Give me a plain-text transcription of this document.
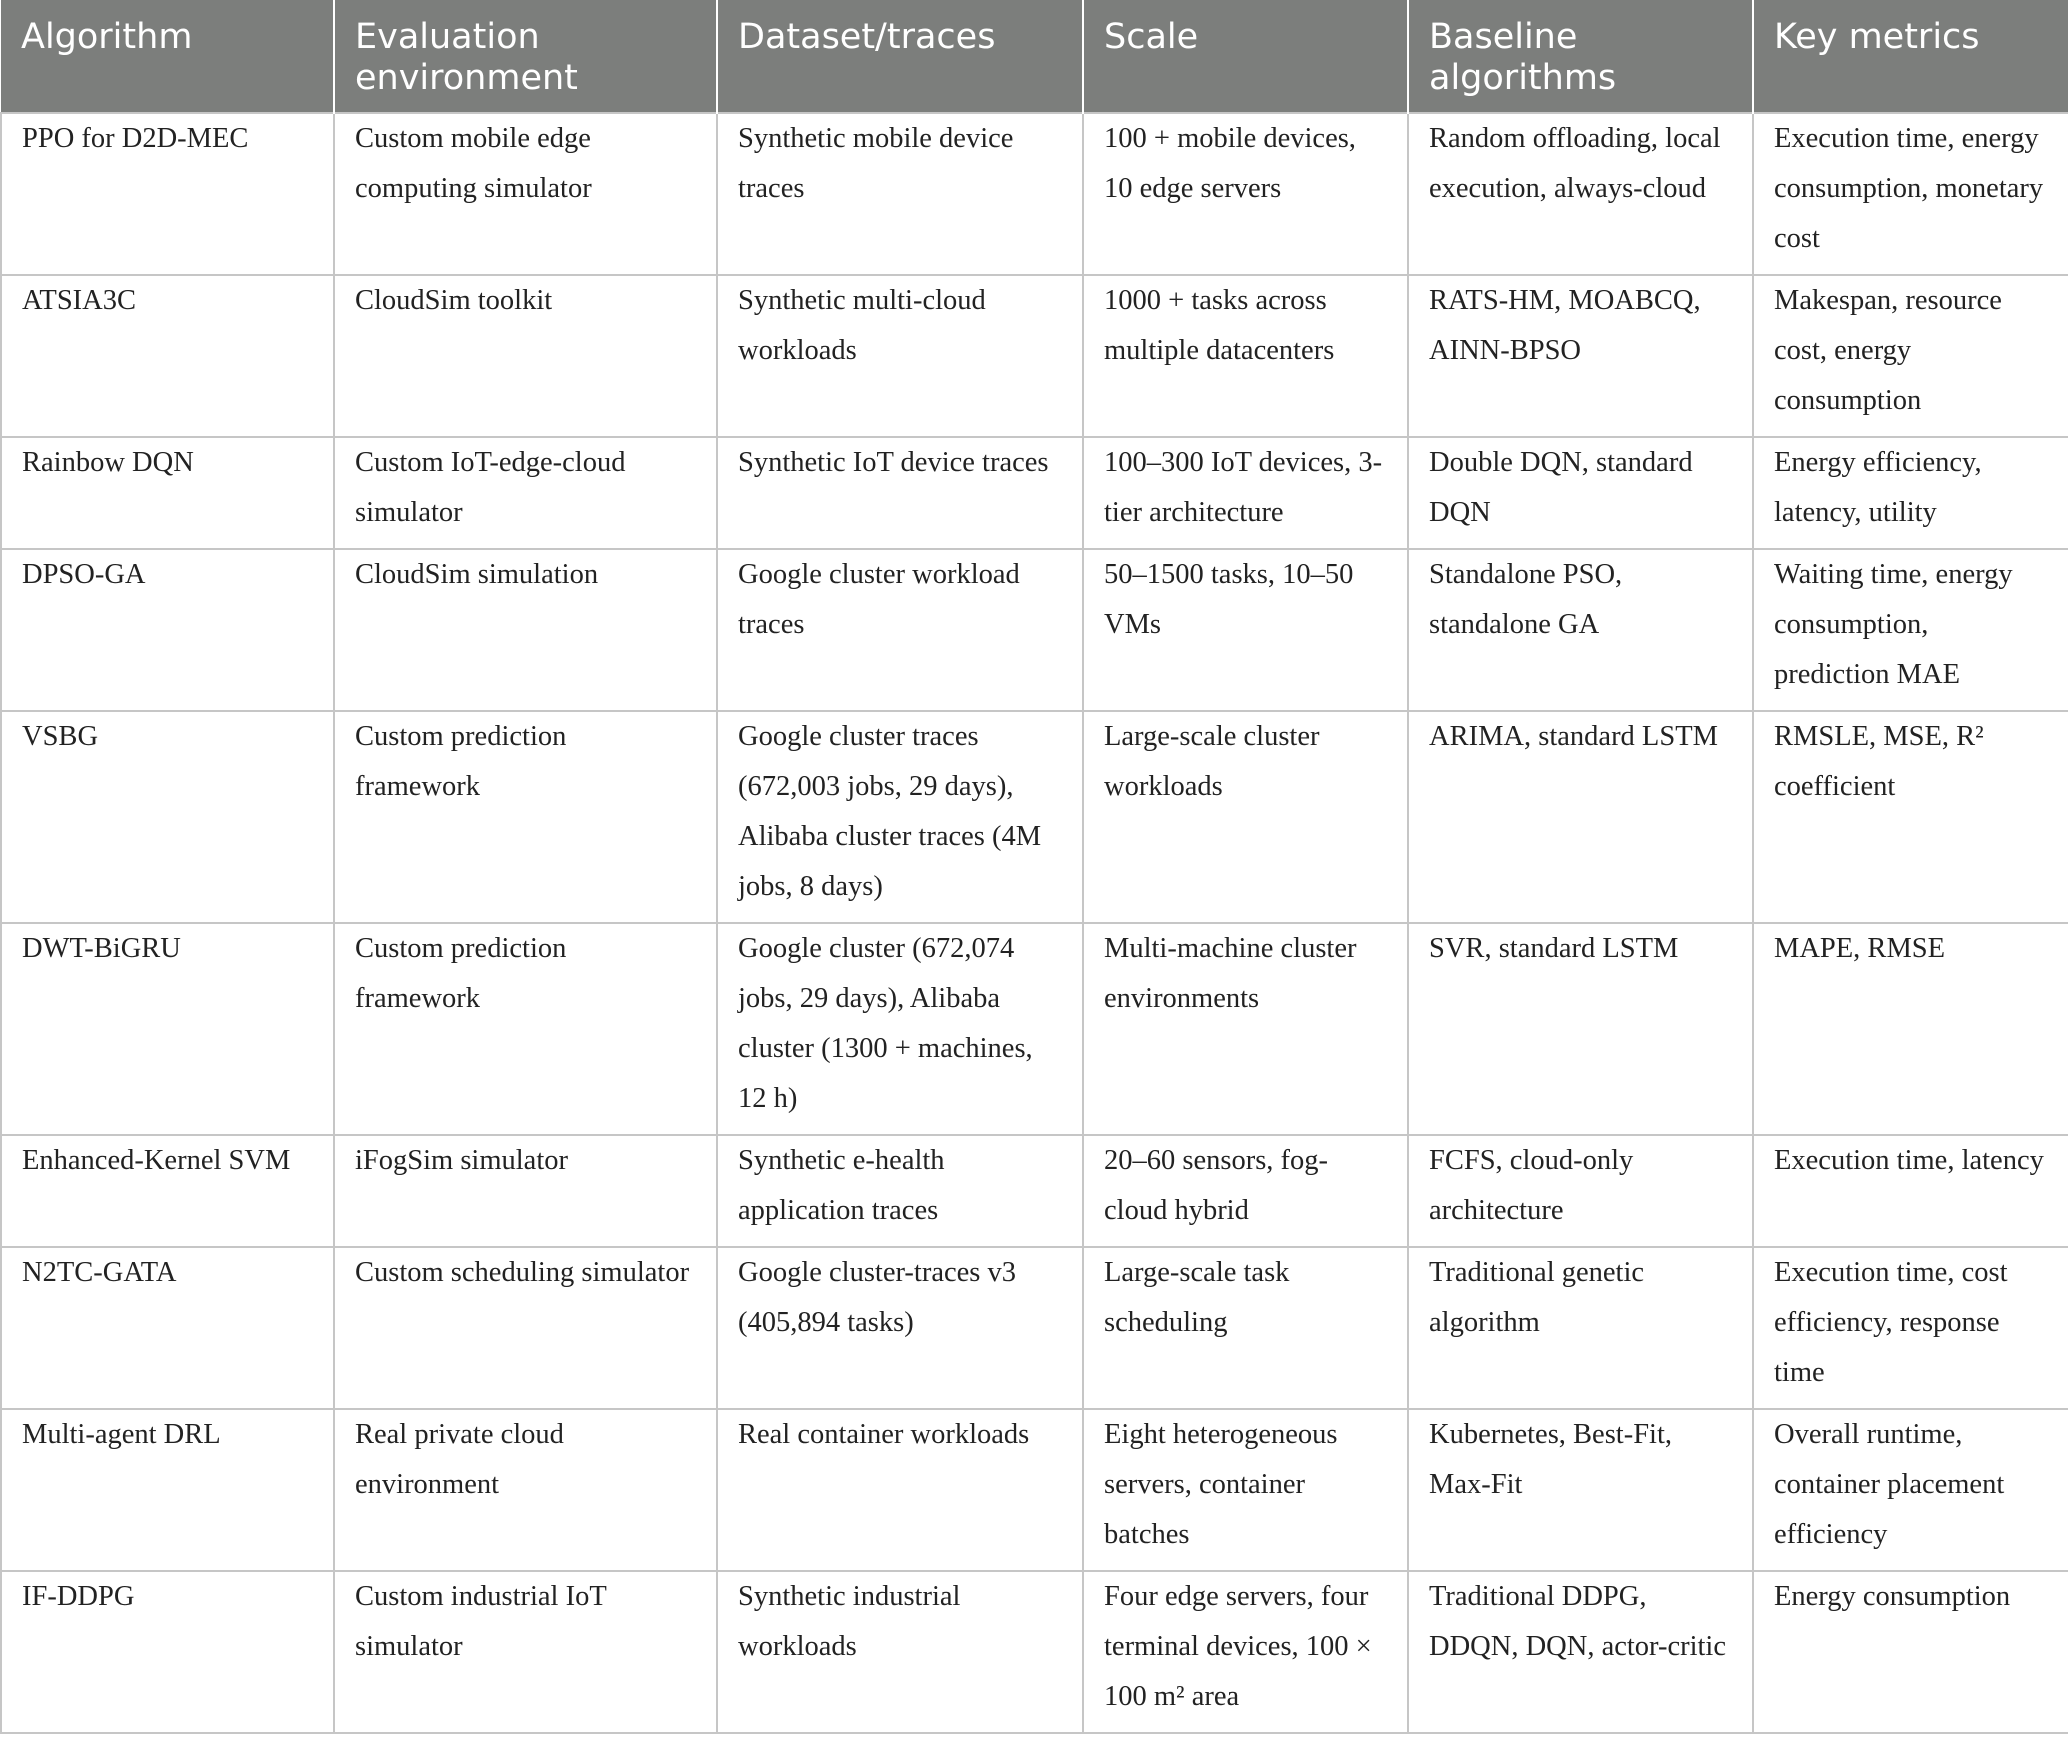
Algorithm	Evaluation environment	Dataset/traces	Scale	Baseline algorithms	Key metrics
PPO for D2D-MEC	Custom mobile edge computing simulator	Synthetic mobile device traces	100 + mobile devices, 10 edge servers	Random offloading, local execution, always-cloud	Execution time, energy consumption, monetary cost
ATSIA3C	CloudSim toolkit	Synthetic multi-cloud workloads	1000 + tasks across multiple datacenters	RATS-HM, MOABCQ, AINN-BPSO	Makespan, resource cost, energy consumption
Rainbow DQN	Custom IoT-edge-cloud simulator	Synthetic IoT device traces	100–300 IoT devices, 3-tier architecture	Double DQN, standard DQN	Energy efficiency, latency, utility
DPSO-GA	CloudSim simulation	Google cluster workload traces	50–1500 tasks, 10–50 VMs	Standalone PSO, standalone GA	Waiting time, energy consumption, prediction MAE
VSBG	Custom prediction framework	Google cluster traces (672,003 jobs, 29 days), Alibaba cluster traces (4M jobs, 8 days)	Large-scale cluster workloads	ARIMA, standard LSTM	RMSLE, MSE, R² coefficient
DWT-BiGRU	Custom prediction framework	Google cluster (672,074 jobs, 29 days), Alibaba cluster (1300 + machines, 12 h)	Multi-machine cluster environments	SVR, standard LSTM	MAPE, RMSE
Enhanced-Kernel SVM	iFogSim simulator	Synthetic e-health application traces	20–60 sensors, fog-cloud hybrid	FCFS, cloud-only architecture	Execution time, latency
N2TC-GATA	Custom scheduling simulator	Google cluster-traces v3 (405,894 tasks)	Large-scale task scheduling	Traditional genetic algorithm	Execution time, cost efficiency, response time
Multi-agent DRL	Real private cloud environment	Real container workloads	Eight heterogeneous servers, container batches	Kubernetes, Best-Fit, Max-Fit	Overall runtime, container placement efficiency
IF-DDPG	Custom industrial IoT simulator	Synthetic industrial workloads	Four edge servers, four terminal devices, 100 × 100 m² area	Traditional DDPG, DDQN, DQN, actor-critic	Energy consumption
